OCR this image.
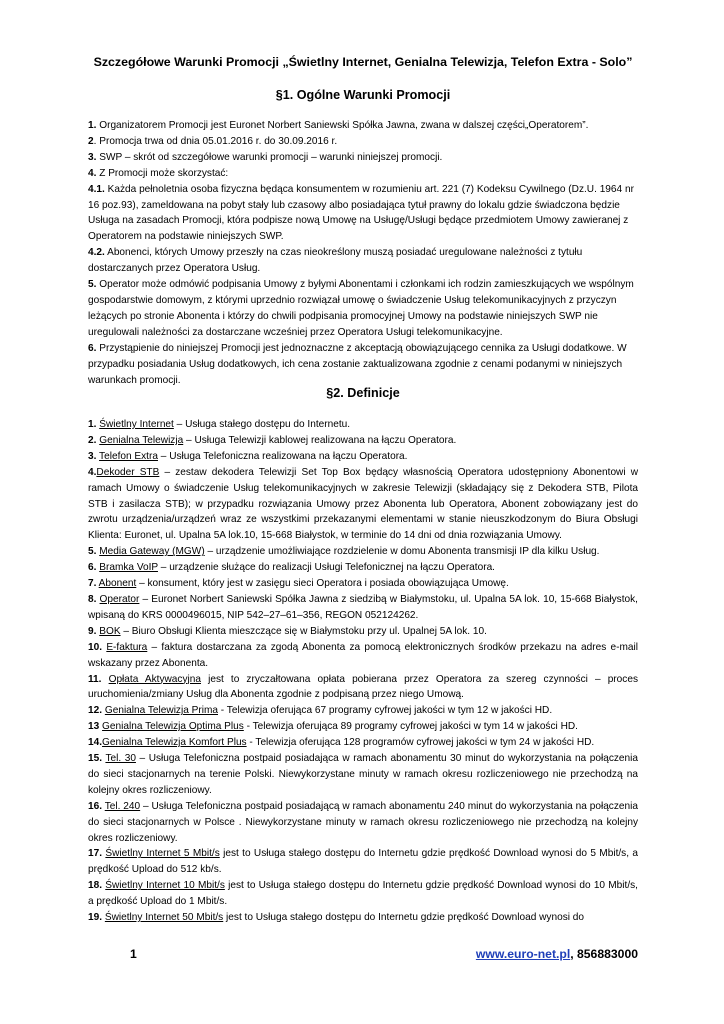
Szczegółowe Warunki Promocji „Świetlny Internet, Genialna Telewizja, Telefon Extra - Solo”
§1. Ogólne Warunki Promocji

1. Organizatorem Promocji jest Euronet Norbert Saniewski Spółka Jawna, zwana w dalszej części„Operatorem”.

2. Promocja trwa od dnia 05.01.2016 r. do 30.09.2016 r.

3. SWP – skrót od szczegółowe warunki promocji – warunki niniejszej promocji.

4. Z Promocji może skorzystać:

4.1. Każda pełnoletnia osoba fizyczna będąca konsumentem w rozumieniu art. 221 (7) Kodeksu Cywilnego (Dz.U. 1964 nr 16 poz.93), zameldowana na pobyt stały lub czasowy albo posiadająca tytuł prawny do lokalu gdzie świadczona będzie Usługa na zasadach Promocji, która podpisze nową Umowę na Usługę/Usługi będące przedmiotem Umowy zawieranej z Operatorem na podstawie niniejszych SWP.

4.2. Abonenci, których Umowy przeszły na czas nieokreślony muszą posiadać uregulowane należności z tytułu dostarczanych przez Operatora Usług.

5. Operator może odmówić podpisania Umowy z byłymi Abonentami i członkami ich rodzin zamieszkujących we wspólnym gospodarstwie domowym, z którymi uprzednio rozwiązał umowę o świadczenie Usług telekomunikacyjnych z przyczyn leżących po stronie Abonenta i którzy do chwili podpisania promocyjnej Umowy na podstawie niniejszych SWP nie uregulowali należności za dostarczane wcześniej przez Operatora Usługi telekomunikacyjne.

6. Przystąpienie do niniejszej Promocji jest jednoznaczne z akceptacją obowiązującego cennika za Usługi dodatkowe. W przypadku posiadania Usług dodatkowych, ich cena zostanie zaktualizowana zgodnie z cenami podanymi w niniejszych warunkach promocji.

§2. Definicje

1. Świetlny Internet – Usługa stałego dostępu do Internetu.

2. Genialna Telewizja – Usługa Telewizji kablowej realizowana na łączu Operatora.

3. Telefon Extra – Usługa Telefoniczna realizowana na łączu Operatora.

4.Dekoder STB – zestaw dekodera Telewizji Set Top Box będący własnością Operatora udostępniony Abonentowi w ramach Umowy o świadczenie Usług telekomunikacyjnych w zakresie Telewizji (składający się z Dekodera STB, Pilota STB i zasilacza STB); w przypadku rozwiązania Umowy przez Abonenta lub Operatora, Abonent zobowiązany jest do zwrotu urządzenia/urządzeń wraz ze wszystkimi przekazanymi elementami w stanie nieuszkodzonym do Biura Obsługi Klienta: Euronet, ul. Upalna 5A lok.10, 15-668 Białystok, w terminie do 14 dni od dnia rozwiązania Umowy.

5. Media Gateway (MGW) – urządzenie umożliwiające rozdzielenie w domu Abonenta transmisji IP dla kilku Usług.

6. Bramka VoIP – urządzenie służące do realizacji Usługi Telefonicznej na łączu Operatora.

7. Abonent – konsument, który jest w zasięgu sieci Operatora i posiada obowiązująca Umowę.

8. Operator – Euronet Norbert Saniewski Spółka Jawna z siedzibą w Białymstoku, ul. Upalna 5A lok. 10, 15-668 Białystok, wpisaną do KRS 0000496015, NIP 542–27–61–356, REGON 052124262.

9. BOK – Biuro Obsługi Klienta mieszczące się w Białymstoku przy ul. Upalnej 5A lok. 10.

10. E-faktura – faktura dostarczana za zgodą Abonenta za pomocą elektronicznych środków przekazu na adres e-mail wskazany przez Abonenta.

11. Opłata Aktywacyjna jest to zryczałtowana opłata pobierana przez Operatora za szereg czynności – proces uruchomienia/zmiany Usług dla Abonenta zgodnie z podpisaną przez niego Umową.

12. Genialna Telewizja Prima - Telewizja oferująca 67 programy cyfrowej jakości w tym 12 w jakości HD.

13 Genialna Telewizja Optima Plus - Telewizja oferująca 89 programy cyfrowej jakości w tym 14 w jakości HD.

14.Genialna Telewizja Komfort Plus - Telewizja oferująca 128 programów cyfrowej jakości w tym 24 w jakości HD.

15. Tel. 30 – Usługa Telefoniczna postpaid posiadająca w ramach abonamentu 30 minut do wykorzystania na połączenia do sieci stacjonarnych na terenie Polski. Niewykorzystane minuty w ramach okresu rozliczeniowego nie przechodzą na kolejny okres rozliczeniowy.

16. Tel. 240 – Usługa Telefoniczna postpaid posiadającą w ramach abonamentu 240 minut do wykorzystania na połączenia do sieci stacjonarnych w Polsce . Niewykorzystane minuty w ramach okresu rozliczeniowego nie przechodzą na kolejny okres rozliczeniowy.

17. Świetlny Internet 5 Mbit/s jest to Usługa stałego dostępu do Internetu gdzie prędkość Download wynosi do 5 Mbit/s, a prędkość Upload do 512 kb/s.

18. Świetlny Internet 10 Mbit/s jest to Usługa stałego dostępu do Internetu gdzie prędkość Download wynosi do 10 Mbit/s, a prędkość Upload do 1 Mbit/s.

19. Świetlny Internet 50 Mbit/s jest to Usługa stałego dostępu do Internetu gdzie prędkość Download wynosi do

1	www.euro-net.pl, 856883000
